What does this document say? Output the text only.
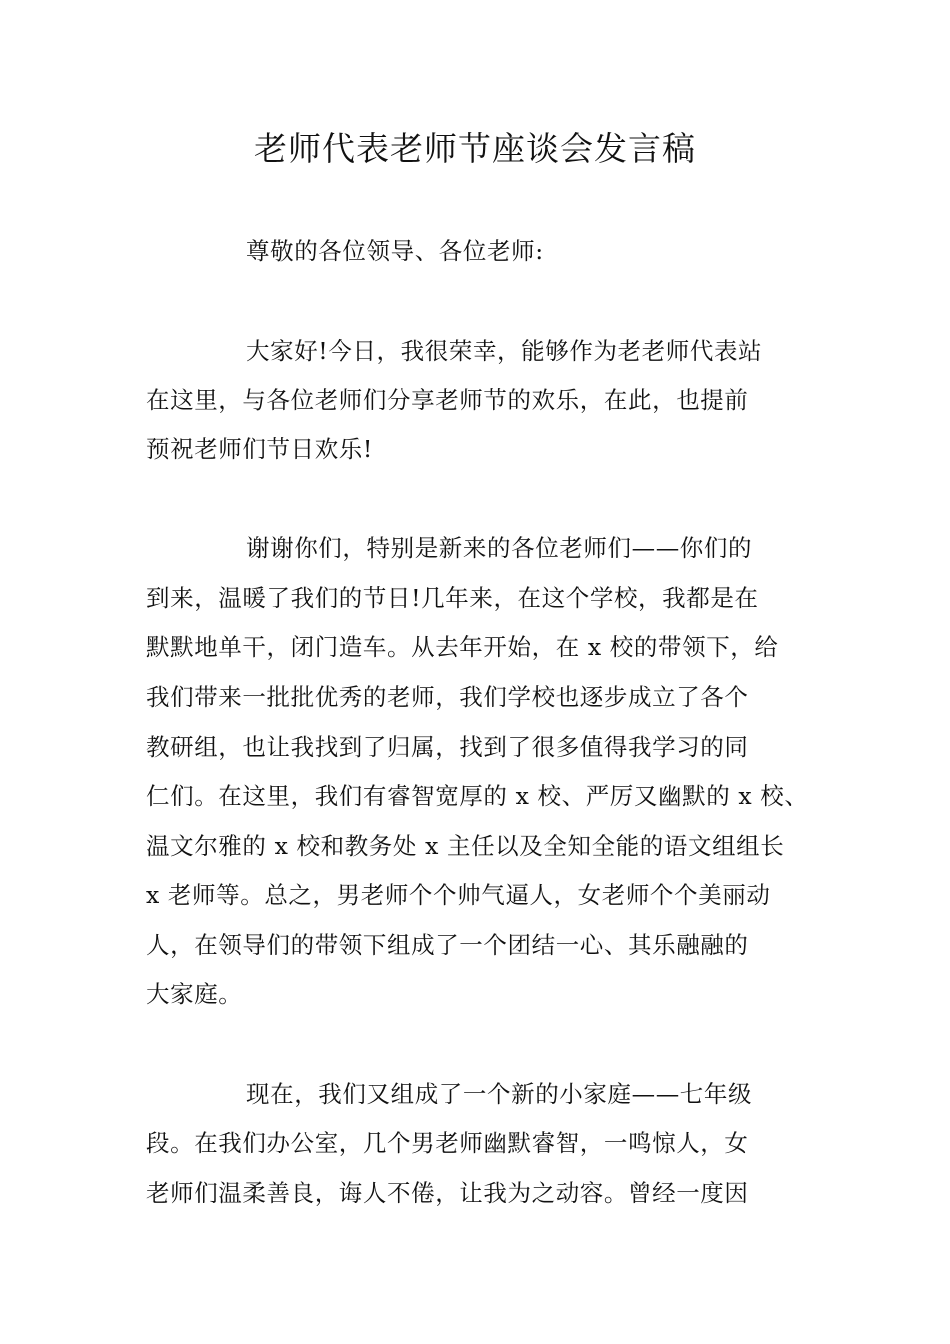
老师代表老师节座谈会发言稿
尊敬的各位领导、各位老师:
大家好!今日，我很荣幸，能够作为老老师代表站
在这里，与各位老师们分享老师节的欢乐，在此，也提前
预祝老师们节日欢乐!
谢谢你们，特别是新来的各位老师们——你们的
到来，温暖了我们的节日!几年来，在这个学校，我都是在
默默地单干，闭门造车。从去年开始，在 x 校的带领下，给
我们带来一批批优秀的老师，我们学校也逐步成立了各个
教研组，也让我找到了归属，找到了很多值得我学习的同
仁们。在这里，我们有睿智宽厚的 x 校、严厉又幽默的 x 校、
温文尔雅的 x 校和教务处 x 主任以及全知全能的语文组组长
x 老师等。总之，男老师个个帅气逼人，女老师个个美丽动
人，在领导们的带领下组成了一个团结一心、其乐融融的
大家庭。
现在，我们又组成了一个新的小家庭——七年级
段。在我们办公室，几个男老师幽默睿智，一鸣惊人，女
老师们温柔善良，诲人不倦，让我为之动容。曾经一度因
